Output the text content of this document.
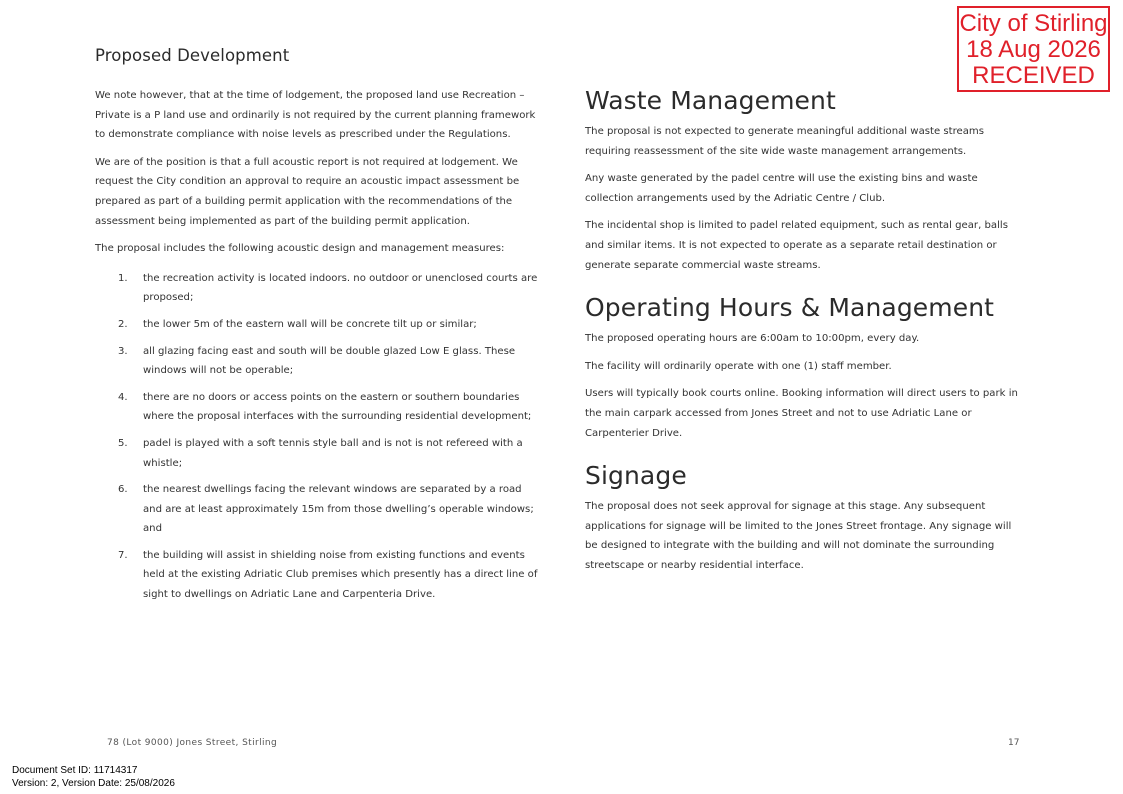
City of Stirling
18 Aug 2026
RECEIVED
Proposed Development

We note however, that at the time of lodgement, the proposed land use Recreation – Private is a P land use and ordinarily is not required by the current planning framework to demonstrate compliance with noise levels as prescribed under the Regulations.

We are of the position is that a full acoustic report is not required at lodgement. We request the City condition an approval to require an acoustic impact assessment be prepared as part of a building permit application with the recommendations of the assessment being implemented as part of the building permit application.

The proposal includes the following acoustic design and management measures:

1. the recreation activity is located indoors. no outdoor or unenclosed courts are proposed;
2. the lower 5m of the eastern wall will be concrete tilt up or similar;
3. all glazing facing east and south will be double glazed Low E glass. These windows will not be operable;
4. there are no doors or access points on the eastern or southern boundaries where the proposal interfaces with the surrounding residential development;
5. padel is played with a soft tennis style ball and is not is not refereed with a whistle;
6. the nearest dwellings facing the relevant windows are separated by a road and are at least approximately 15m from those dwelling’s operable windows; and
7. the building will assist in shielding noise from existing functions and events held at the existing Adriatic Club premises which presently has a direct line of sight to dwellings on Adriatic Lane and Carpenteria Drive.
Waste Management

The proposal is not expected to generate meaningful additional waste streams requiring reassessment of the site wide waste management arrangements.

Any waste generated by the padel centre will use the existing bins and waste collection arrangements used by the Adriatic Centre / Club.

The incidental shop is limited to padel related equipment, such as rental gear, balls and similar items. It is not expected to operate as a separate retail destination or generate separate commercial waste streams.

Operating Hours & Management

The proposed operating hours are 6:00am to 10:00pm, every day.

The facility will ordinarily operate with one (1) staff member.

Users will typically book courts online. Booking information will direct users to park in the main carpark accessed from Jones Street and not to use Adriatic Lane or Carpenterier Drive.

Signage

The proposal does not seek approval for signage at this stage. Any subsequent applications for signage will be limited to the Jones Street frontage. Any signage will be designed to integrate with the building and will not dominate the surrounding streetscape or nearby residential interface.

78 (Lot 9000) Jones Street, Stirling	17
Document Set ID: 11714317
Version: 2, Version Date: 25/08/2026
